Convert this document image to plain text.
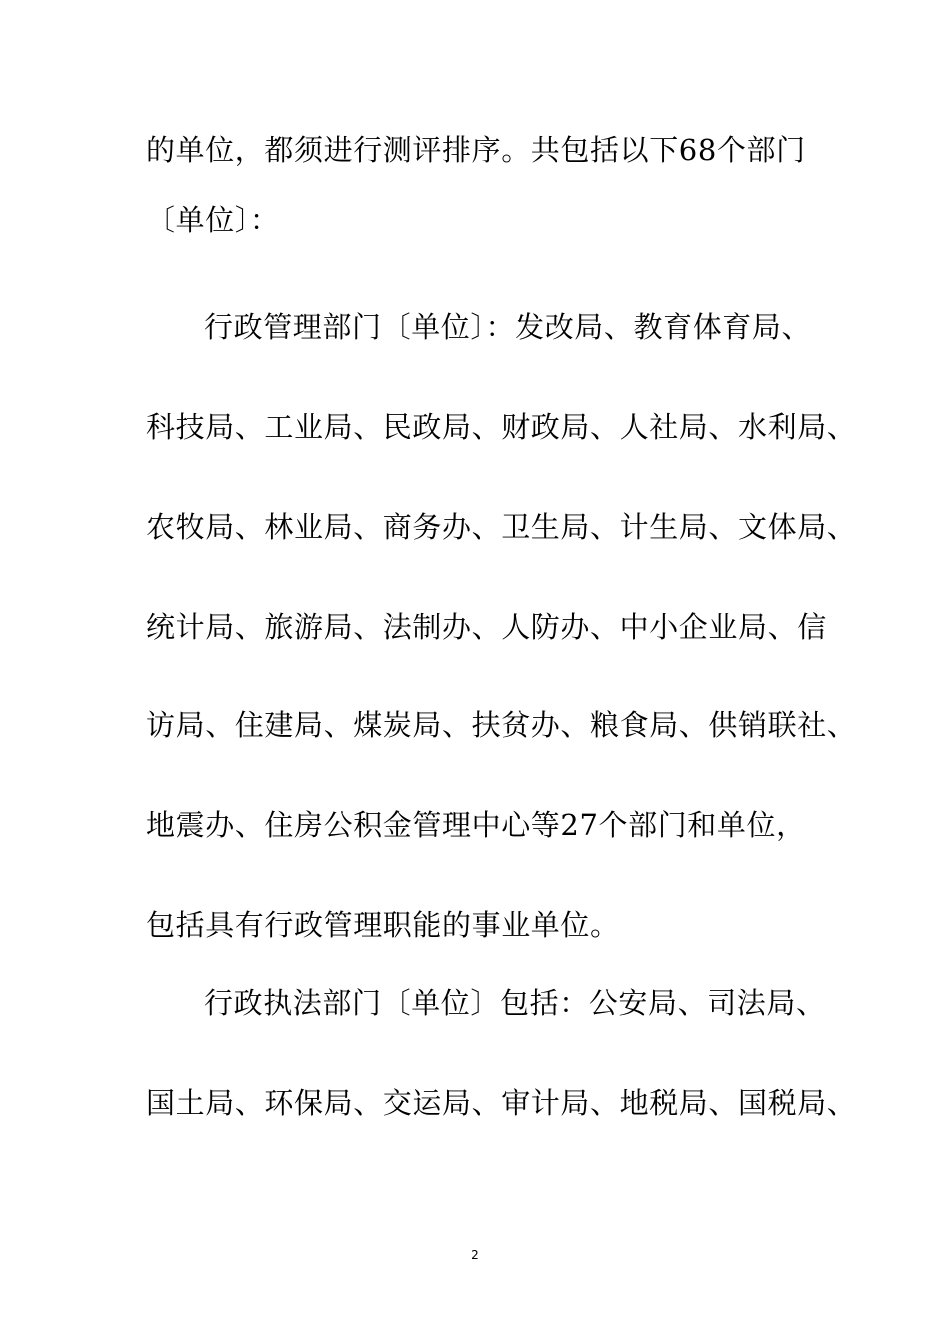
的单位，都须进行测评排序。共包括以下68个部门
〔单位〕：
行政管理部门〔单位〕：发改局、教育体育局、
科技局、工业局、民政局、财政局、人社局、水利局、
农牧局、林业局、商务办、卫生局、计生局、文体局、
统计局、旅游局、法制办、人防办、中小企业局、信
访局、住建局、煤炭局、扶贫办、粮食局、供销联社、
地震办、住房公积金管理中心等27个部门和单位，
包括具有行政管理职能的事业单位。
行政执法部门〔单位〕包括：公安局、司法局、
国土局、环保局、交运局、审计局、地税局、国税局、
2
